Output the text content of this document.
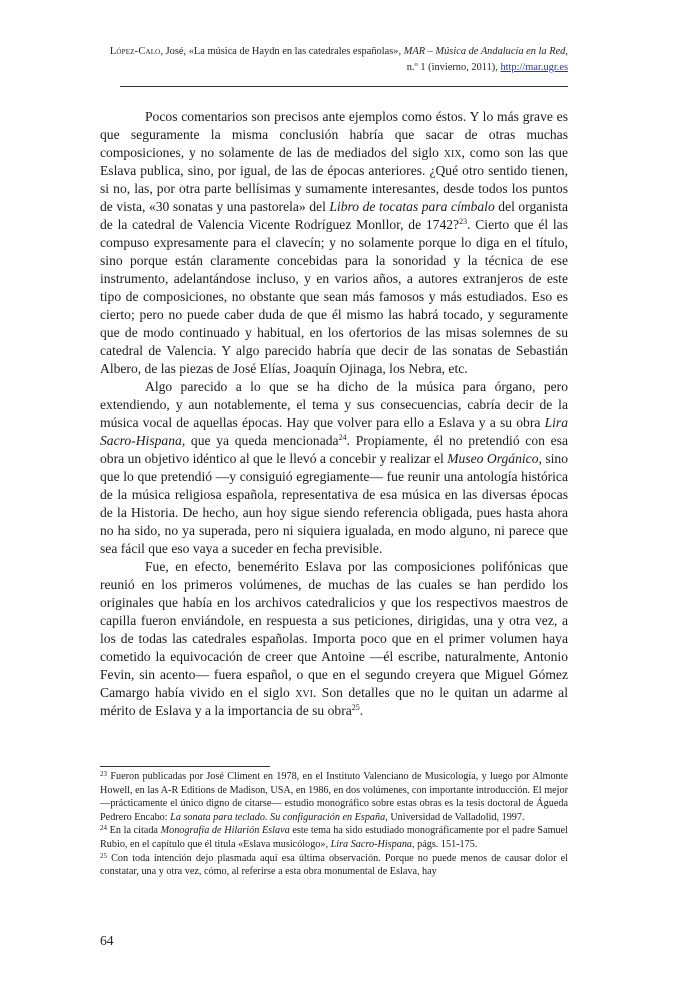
López-Calo, José, «La música de Haydn en las catedrales españolas», MAR – Música de Andalucía en la Red, n.º 1 (invierno, 2011), http://mar.ugr.es

Pocos comentarios son precisos ante ejemplos como éstos. Y lo más grave es que seguramente la misma conclusión habría que sacar de otras muchas composiciones, y no solamente de las de mediados del siglo xix, como son las que Eslava publica, sino, por igual, de las de épocas anteriores. ¿Qué otro sentido tienen, si no, las, por otra parte bellísimas y sumamente interesantes, desde todos los puntos de vista, «30 sonatas y una pastorela» del Libro de tocatas para címbalo del organista de la catedral de Valencia Vicente Rodríguez Monllor, de 1742?$^{23}$. Cierto que él las compuso expresamente para el clavecín; y no solamente porque lo diga en el título, sino porque están claramente concebidas para la sonoridad y la técnica de ese instrumento, adelantándose incluso, y en varios años, a autores extranjeros de este tipo de composiciones, no obstante que sean más famosos y más estudiados. Eso es cierto; pero no puede caber duda de que él mismo las habrá tocado, y seguramente que de modo continuado y habitual, en los ofertorios de las misas solemnes de su catedral de Valencia. Y algo parecido habría que decir de las sonatas de Sebastián Albero, de las piezas de José Elías, Joaquín Ojinaga, los Nebra, etc.

Algo parecido a lo que se ha dicho de la música para órgano, pero extendiendo, y aun notablemente, el tema y sus consecuencias, cabría decir de la música vocal de aquellas épocas. Hay que volver para ello a Eslava y a su obra Lira Sacro-Hispana, que ya queda mencionada$^{24}$. Propiamente, él no pretendió con esa obra un objetivo idéntico al que le llevó a concebir y realizar el Museo Orgánico, sino que lo que pretendió —y consiguió egregiamente— fue reunir una antología histórica de la música religiosa española, representativa de esa música en las diversas épocas de la Historia. De hecho, aun hoy sigue siendo referencia obligada, pues hasta ahora no ha sido, no ya superada, pero ni siquiera igualada, en modo alguno, ni parece que sea fácil que eso vaya a suceder en fecha previsible.

Fue, en efecto, benemérito Eslava por las composiciones polifónicas que reunió en los primeros volúmenes, de muchas de las cuales se han perdido los originales que había en los archivos catedralicios y que los respectivos maestros de capilla fueron enviándole, en respuesta a sus peticiones, dirigidas, una y otra vez, a los de todas las catedrales españolas. Importa poco que en el primer volumen haya cometido la equivocación de creer que Antoine —él escribe, naturalmente, Antonio Fevin, sin acento— fuera español, o que en el segundo creyera que Miguel Gómez Camargo había vivido en el siglo xvi. Son detalles que no le quitan un adarme al mérito de Eslava y a la importancia de su obra$^{25}$.

$^{23}$ Fueron publicadas por José Climent en 1978, en el Instituto Valenciano de Musicología, y luego por Almonte Howell, en las A-R Editions de Madison, USA, en 1986, en dos volúmenes, con importante introducción. El mejor —prácticamente el único digno de citarse— estudio monográfico sobre estas obras es la tesis doctoral de Águeda Pedrero Encabo: La sonata para teclado. Su configuración en España, Universidad de Valladolid, 1997.

$^{24}$ En la citada Monografía de Hilarión Eslava este tema ha sido estudiado monográficamente por el padre Samuel Rubio, en el capítulo que él titula «Eslava musicólogo», Lira Sacro-Hispana, págs. 151-175.

$^{25}$ Con toda intención dejo plasmada aquí esa última observación. Porque no puede menos de causar dolor el constatar, una y otra vez, cómo, al referirse a esta obra monumental de Eslava, hay

64
